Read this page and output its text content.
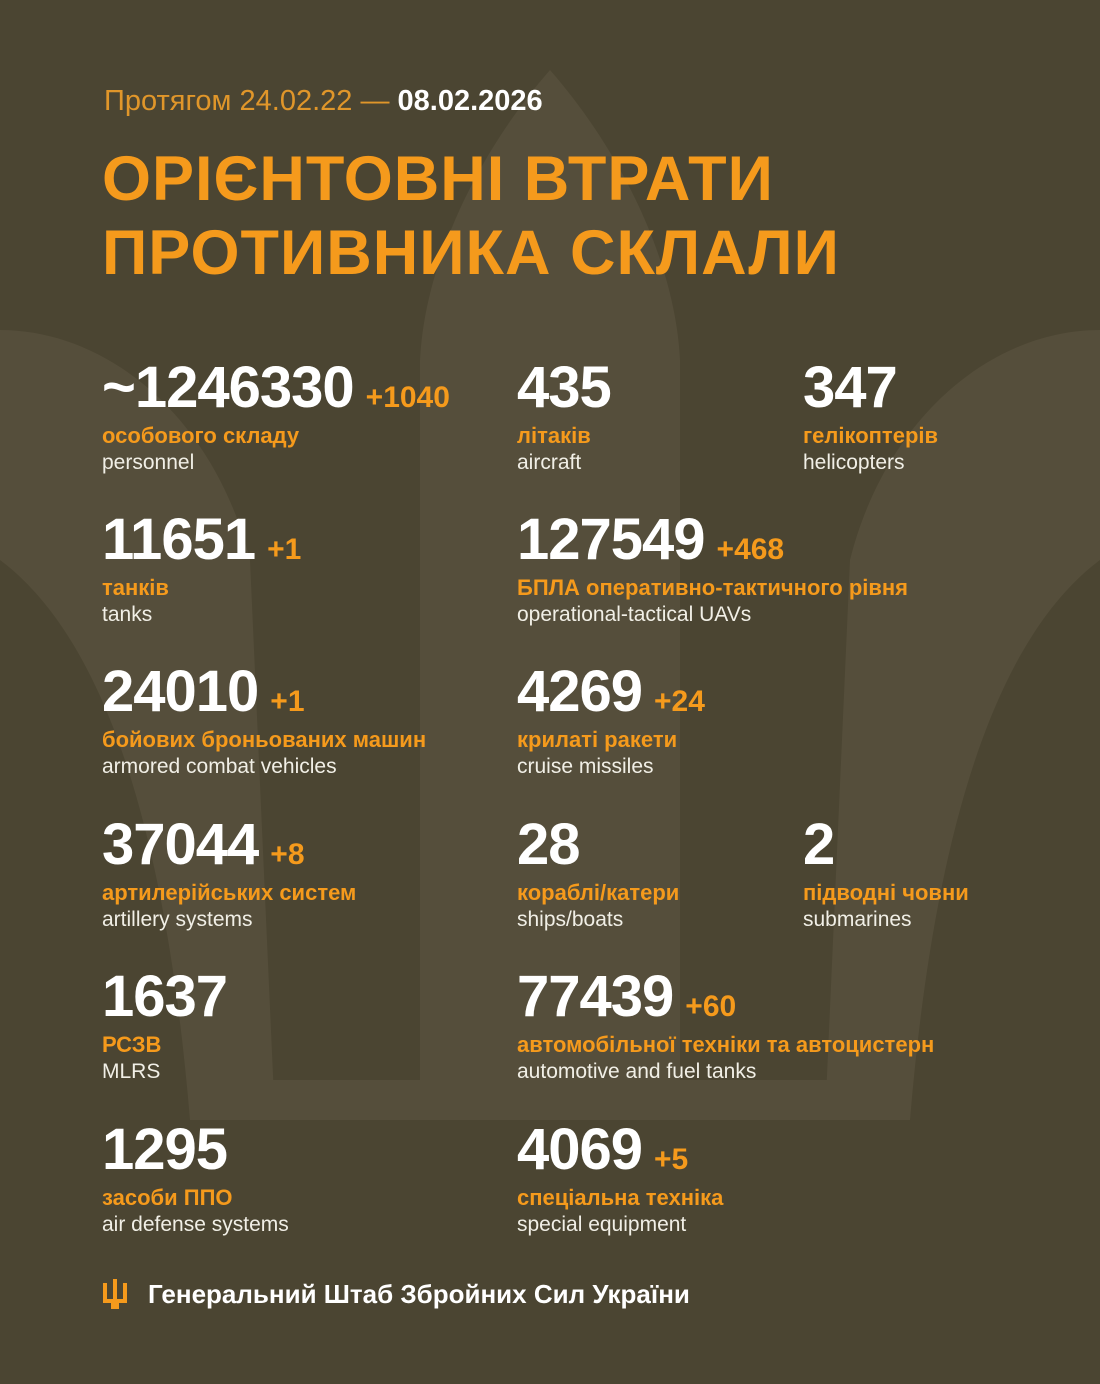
Протягом 24.02.22 — 08.02.2026
ОРІЄНТОВНІ ВТРАТИ
ПРОТИВНИКА СКЛАЛИ
~1246330 +1040
особового складу
personnel
435
літаків
aircraft
347
гелікоптерів
helicopters
11651 +1
танків
tanks
127549 +468
БПЛА оперативно-тактичного рівня
operational-tactical UAVs
24010 +1
бойових броньованих машин
armored combat vehicles
4269 +24
крилаті ракети
cruise missiles
37044 +8
артилерійських систем
artillery systems
28
кораблі/катери
ships/boats
2
підводні човни
submarines
1637
РСЗВ
MLRS
77439 +60
автомобільної техніки та автоцистерн
automotive and fuel tanks
1295
засоби ППО
air defense systems
4069 +5
спеціальна техніка
special equipment
Генеральний Штаб Збройних Сил України
